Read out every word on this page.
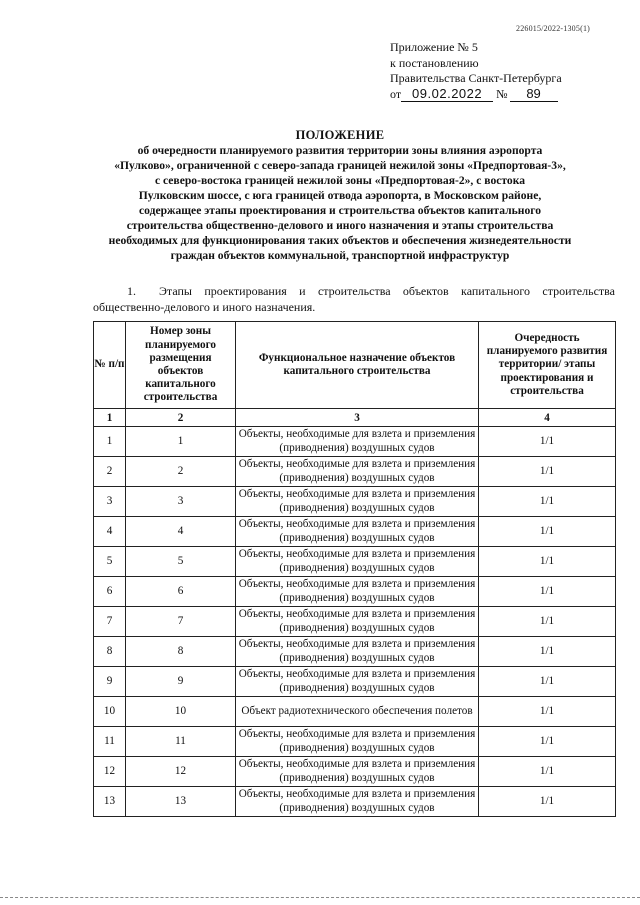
226015/2022-1305(1)
Приложение № 5
к постановлению
Правительства Санкт-Петербурга
от 09.02.2022	№	89
ПОЛОЖЕНИЕ
об очередности планируемого развития территории зоны влияния аэропорта
«Пулково», ограниченной с северо-запада границей нежилой зоны «Предпортовая-3»,
с северо-востока границей нежилой зоны «Предпортовая-2», с востока
Пулковским шоссе, с юга границей отвода аэропорта, в Московском районе,
содержащее этапы проектирования и строительства объектов капитального
строительства общественно-делового и иного назначения и этапы строительства
необходимых для функционирования таких объектов и обеспечения жизнедеятельности
граждан объектов коммунальной, транспортной инфраструктур
1. Этапы проектирования и строительства объектов капитального строительства общественно-делового и иного назначения.
№ п/п	Номер зоны планируемого размещения объектов капитального строительства	Функциональное назначение объектов капитального строительства	Очередность планируемого развития территории/ этапы проектирования и строительства
1	2	3	4
1	1	Объекты, необходимые для взлета и приземления (приводнения) воздушных судов	1/1
2	2	Объекты, необходимые для взлета и приземления (приводнения) воздушных судов	1/1
3	3	Объекты, необходимые для взлета и приземления (приводнения) воздушных судов	1/1
4	4	Объекты, необходимые для взлета и приземления (приводнения) воздушных судов	1/1
5	5	Объекты, необходимые для взлета и приземления (приводнения) воздушных судов	1/1
6	6	Объекты, необходимые для взлета и приземления (приводнения) воздушных судов	1/1
7	7	Объекты, необходимые для взлета и приземления (приводнения) воздушных судов	1/1
8	8	Объекты, необходимые для взлета и приземления (приводнения) воздушных судов	1/1
9	9	Объекты, необходимые для взлета и приземления (приводнения) воздушных судов	1/1
10	10	Объект радиотехнического обеспечения полетов	1/1
11	11	Объекты, необходимые для взлета и приземления (приводнения) воздушных судов	1/1
12	12	Объекты, необходимые для взлета и приземления (приводнения) воздушных судов	1/1
13	13	Объекты, необходимые для взлета и приземления (приводнения) воздушных судов	1/1
